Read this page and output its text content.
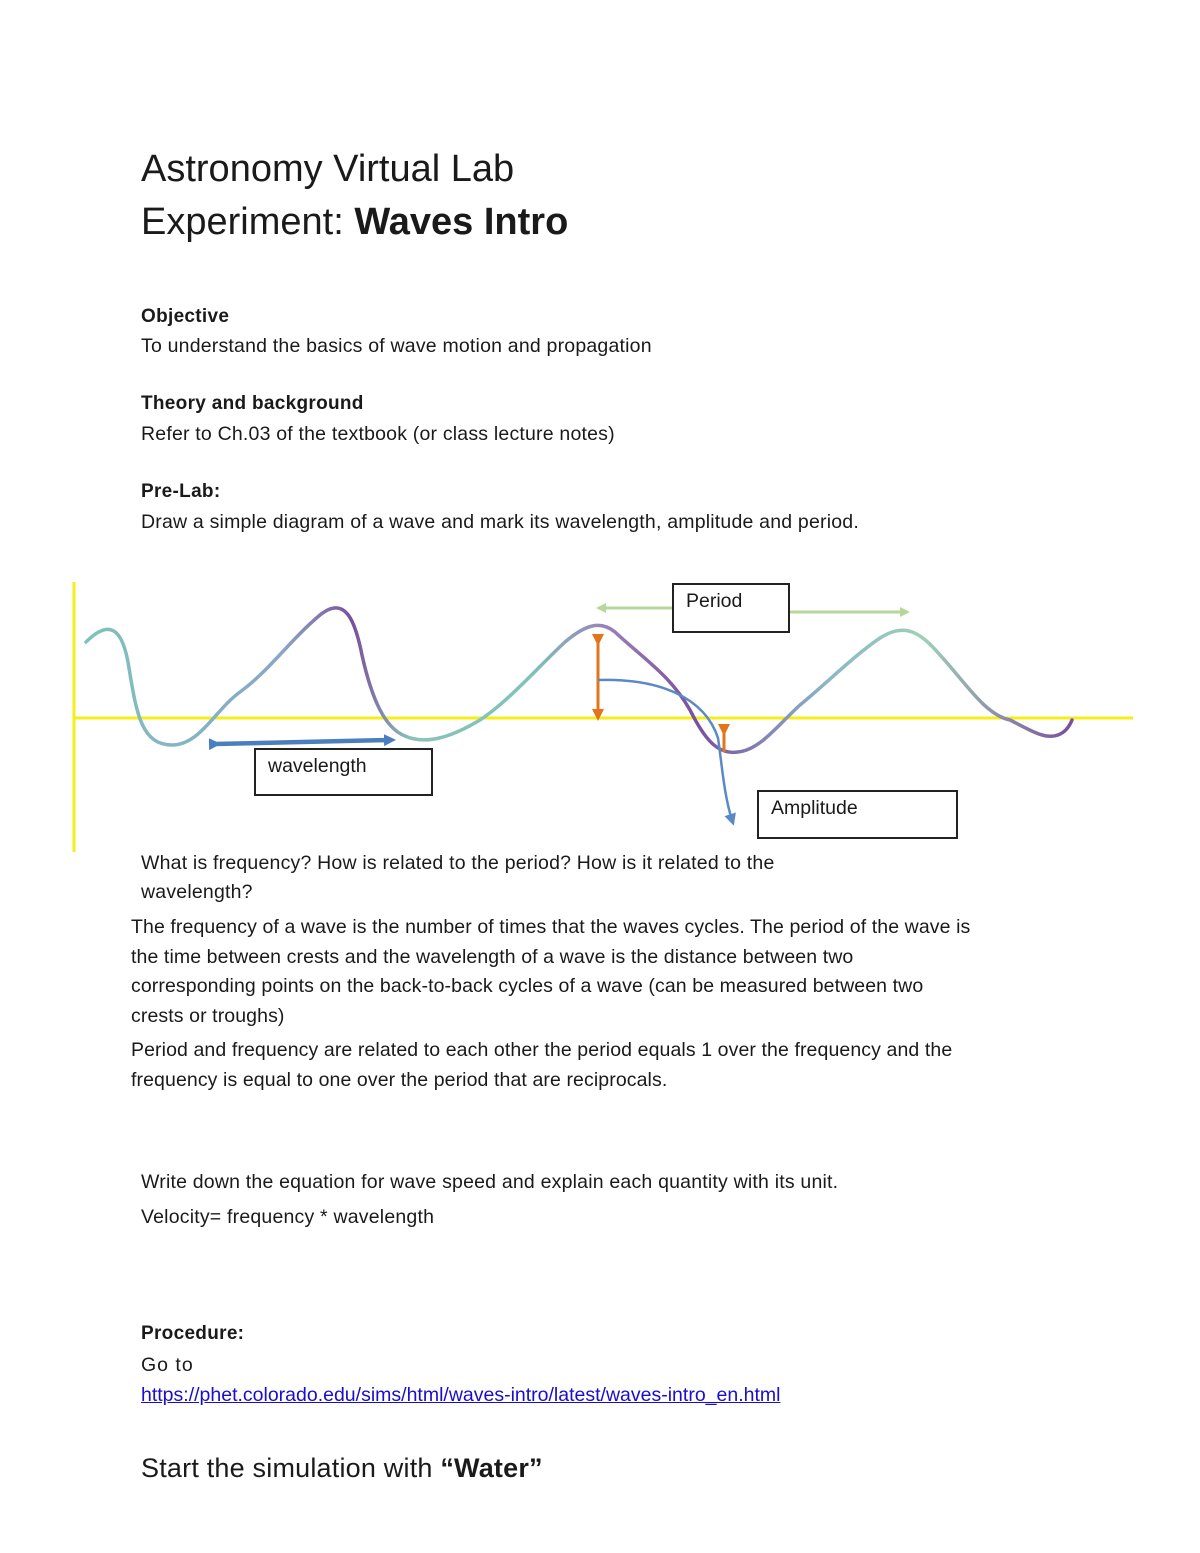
Astronomy Virtual Lab
Experiment: Waves Intro
Objective
To understand the basics of wave motion and propagation
Theory and background
Refer to Ch.03 of the textbook (or class lecture notes)
Pre-Lab:
Draw a simple diagram of a wave and mark its wavelength, amplitude and period.
Period
wavelength
Amplitude
What is frequency? How is related to the period? How is it related to the
wavelength?
The frequency of a wave is the number of times that the waves cycles. The period of the wave is the time between crests and the wavelength of a wave is the distance between two corresponding points on the back-to-back cycles of a wave (can be measured between two crests or troughs)
Period and frequency are related to each other the period equals 1 over the frequency and the frequency is equal to one over the period that are reciprocals.
Write down the equation for wave speed and explain each quantity with its unit.
Velocity= frequency * wavelength
Procedure:
Go to
https://phet.colorado.edu/sims/html/waves-intro/latest/waves-intro_en.html
Start the simulation with “Water”
